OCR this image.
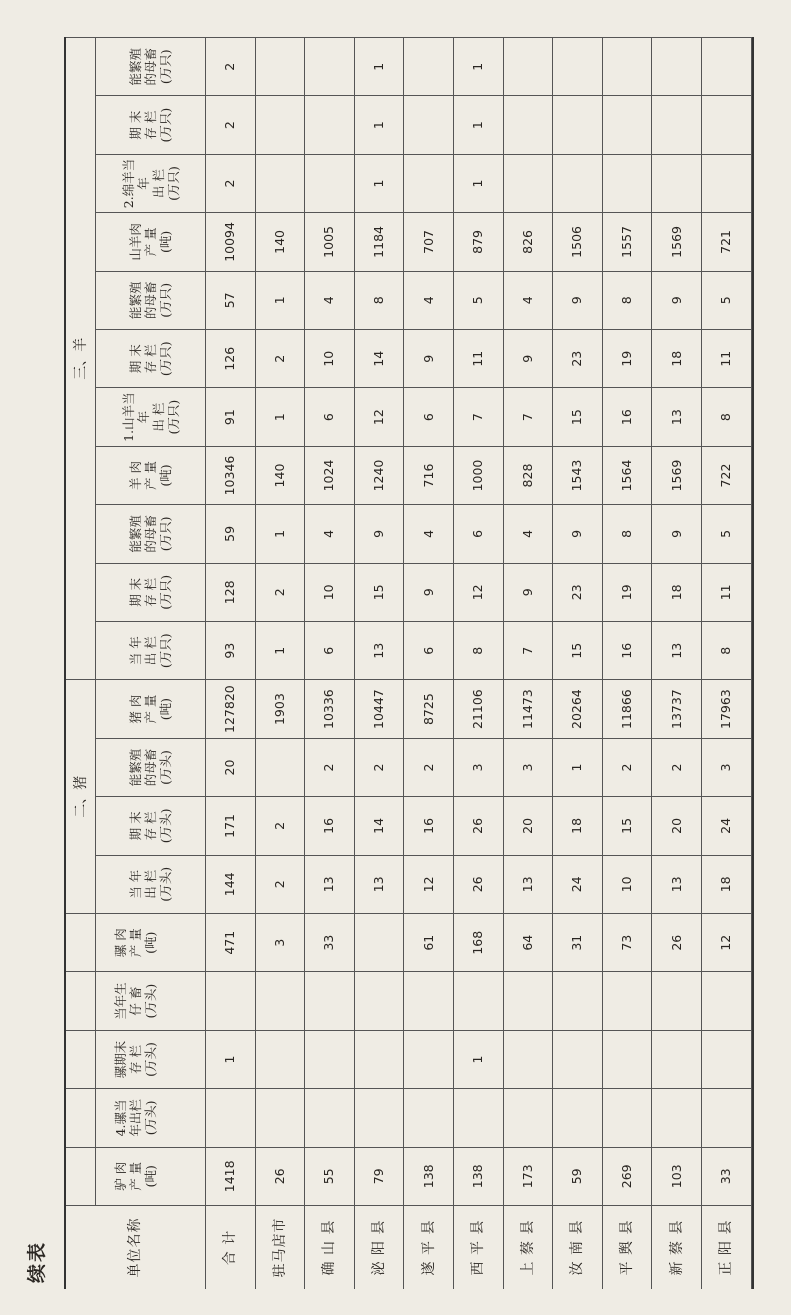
续表	单位名称
二、猪
三、羊
驴 肉 产 量 (吨)
4.骡当 年出栏 (万头)
骡期末 存 栏 (万头)
当年生 仔 畜 (万头)
骡 肉 产 量 (吨)
当 年 出 栏 (万头)
期 末 存 栏 (万头)
能繁殖 的母畜 (万头)
猪 肉 产 量 (吨)
当 年 出 栏 (万只)
期 末 存 栏 (万只)
能繁殖 的母畜 (万只)
羊 肉 产 量 (吨)
1.山羊当年 出 栏 (万只)
期 末 存 栏 (万只)
能繁殖 的母畜 (万只)
山羊肉 产 量 (吨)
2.绵羊当年 出 栏 (万只)
期 末 存 栏 (万只)
能繁殖 的母畜 (万只)
合 计
1418
1
471
144
171
20
127820
93
128
59
10346
91
126
57
10094
2
2
2
驻马店市
26
3
2
2
1903
1
2
1
140
1
2
1
140
确 山 县
55
33
13
16
2
10336
6
10
4
1024
6
10
4
1005
泌 阳 县
79
13
14
2
10447
13
15
9
1240
12
14
8
1184
1
1
1
遂 平 县
138
61
12
16
2
8725
6
9
4
716
6
9
4
707
西 平 县
138
1
168
26
26
3
21106
8
12
6
1000
7
11
5
879
1
1
1
上 蔡 县
173
64
13
20
3
11473
7
9
4
828
7
9
4
826
汝 南 县
59
31
24
18
1
20264
15
23
9
1543
15
23
9
1506
平 舆 县
269
73
10
15
2
11866
16
19
8
1564
16
19
8
1557
新 蔡 县
103
26
13
20
2
13737
13
18
9
1569
13
18
9
1569
正 阳 县
33
12
18
24
3
17963
8
11
5
722
8
11
5
721
